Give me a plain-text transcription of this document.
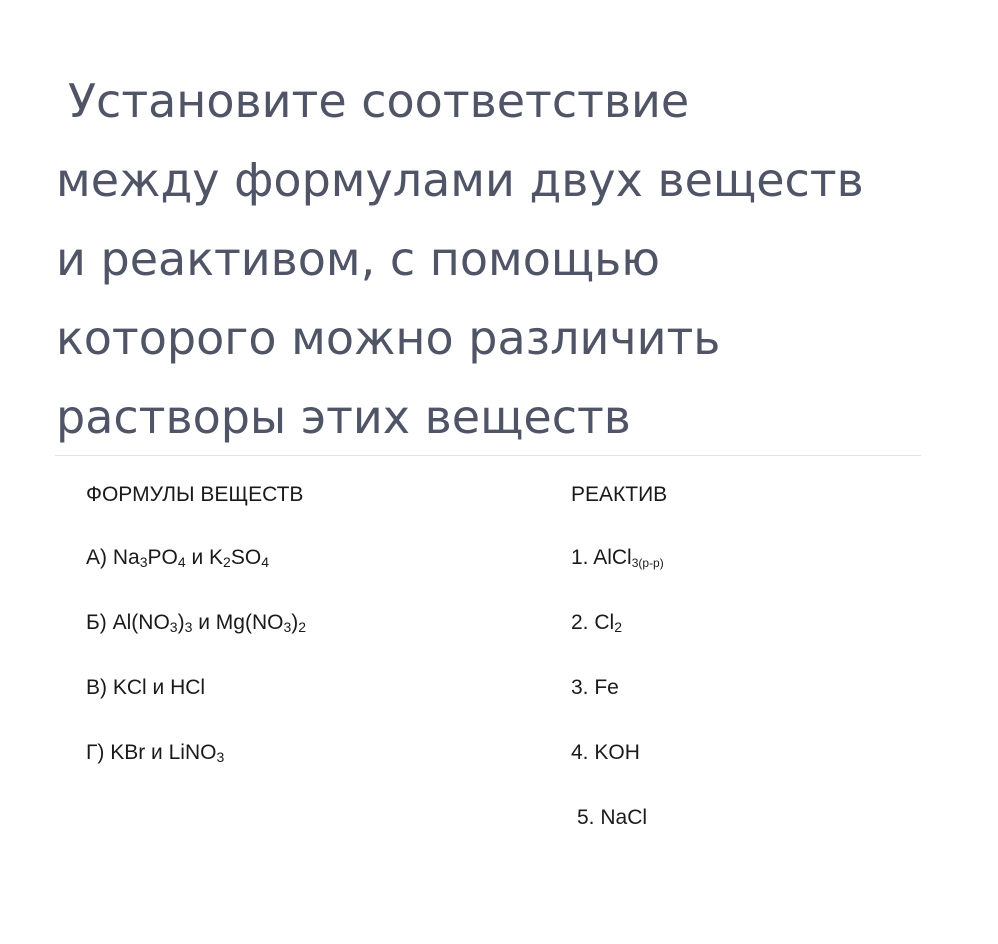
Установите соответствие
между формулами двух веществ
и реактивом, с помощью
которого можно различить
растворы этих веществ
ФОРМУЛЫ ВЕЩЕСТВ
А) $Na_3PO_4$ и $K_2SO_4$
Б) $Al(NO_3)_3$ и $Mg(NO_3)_2$
В) KCl и HCl
Г) KBr и LiNO$_3$
РЕАКТИВ
1. AlCl$_{3(р-р)}$
2. $Cl_2$
3. Fe
4. KOH
5. NaCl
